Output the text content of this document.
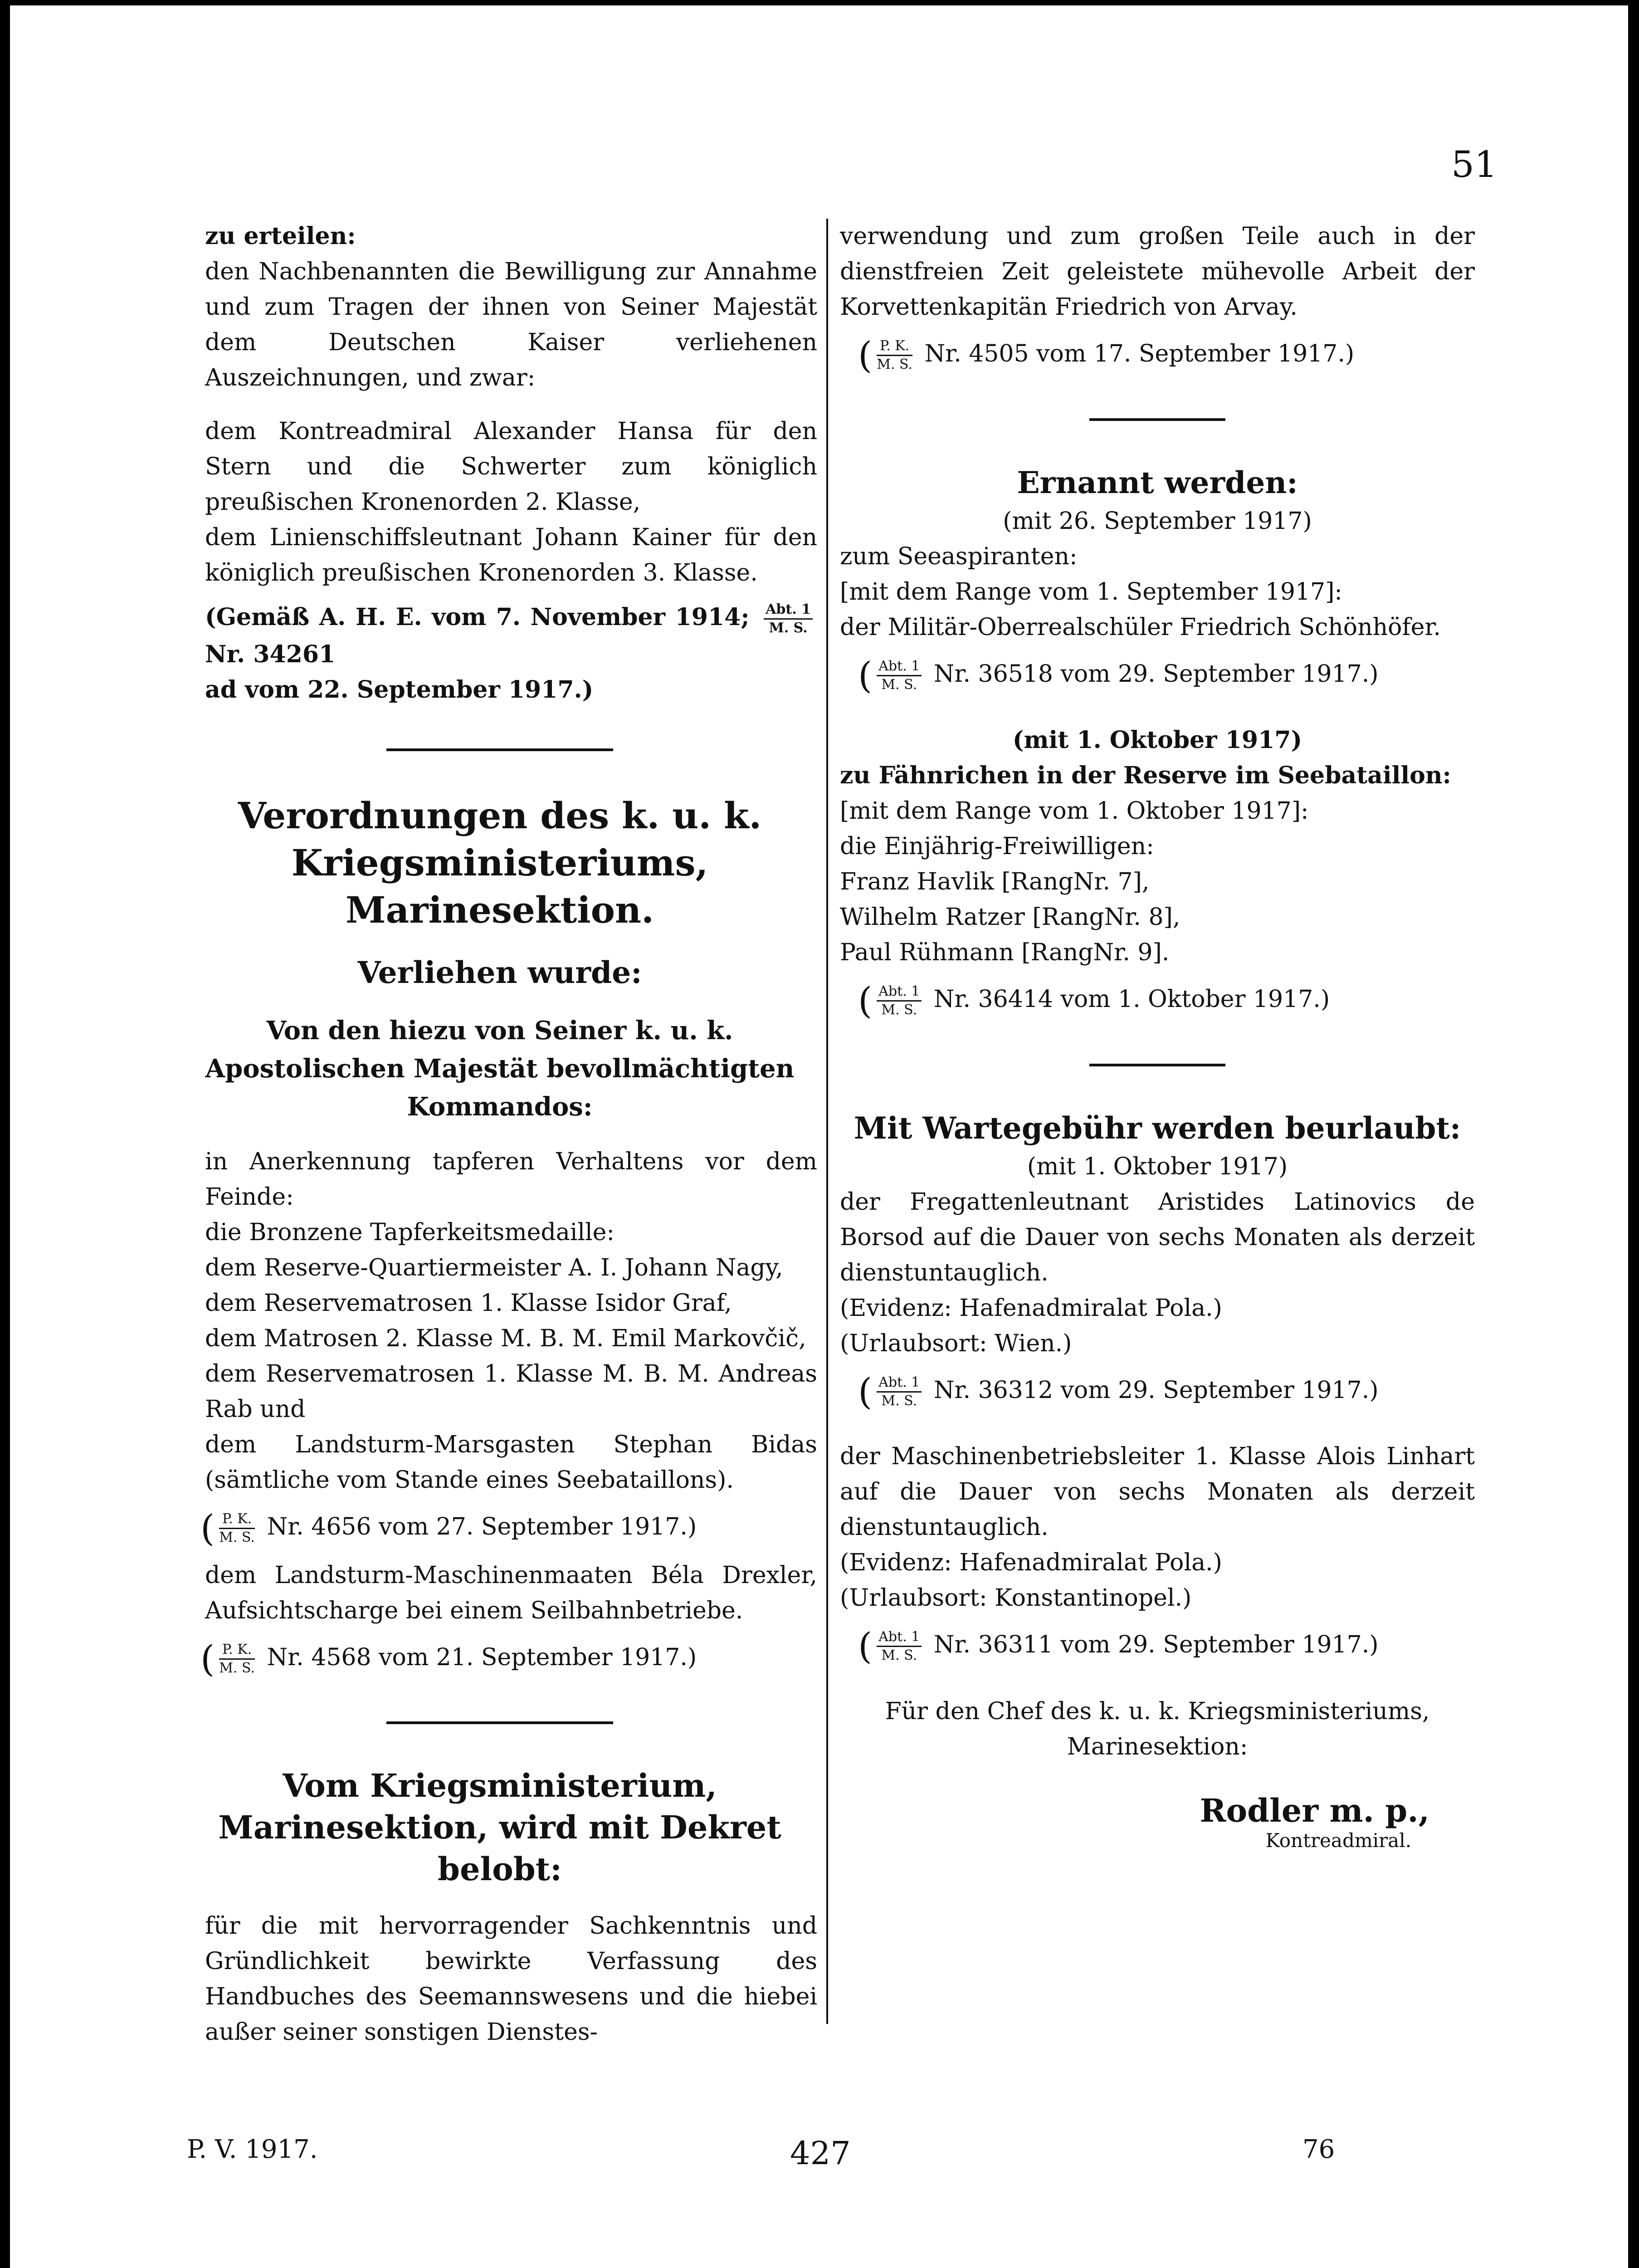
51

zu erteilen:

den Nachbenannten die Bewilligung zur Annahme und zum Tragen der ihnen von Seiner Majestät dem Deutschen Kaiser verliehenen Auszeichnungen, und zwar:

dem Kontreadmiral Alexander Hansa für den Stern und die Schwerter zum königlich preußischen Kronenorden 2. Klasse,

dem Linienschiffsleutnant Johann Kainer für den königlich preußischen Kronenorden 3. Klasse.

(Gemäß A. H. E. vom 7. November 1914; $\frac{\text{Abt. 1}}{M. S.}$
Nr. 34261

ad vom 22. September 1917.)

Verordnungen des k. u. k. Kriegsministeriums, Marinesektion.

Verliehen wurde:

Von den hiezu von Seiner k. u. k. Apostolischen Majestät bevollmächtigten Kommandos:

in Anerkennung tapferen Verhaltens vor dem Feinde:

die Bronzene Tapferkeitsmedaille:

dem Reserve-Quartiermeister A. I. Johann Nagy,

dem Reservematrosen 1. Klasse Isidor Graf,

dem Matrosen 2. Klasse M. B. M. Emil Markovčič,

dem Reservematrosen 1. Klasse M. B. M. Andreas Rab und

dem Landsturm-Marsgasten Stephan Bidas (sämtliche vom Stande eines Seebataillons).

( $\frac{P. K.}{M. S.} Nr$. 4656 vom 27. September 1917.)

dem Landsturm-Maschinenmaaten Béla Drexler, Aufsichtscharge bei einem Seilbahnbetriebe.

( $\frac{P. K.}{M. S.} Nr$. 4568 vom 21. September 1917.)

Vom Kriegsministerium, Marinesektion, wird mit Dekret belobt:

für die mit hervorragender Sachkenntnis und Gründlichkeit bewirkte Verfassung des Handbuches des Seemannswesens und die hiebei außer seiner sonstigen Dienstes-

verwendung und zum großen Teile auch in der dienstfreien Zeit geleistete mühevolle Arbeit der Korvettenkapitän Friedrich von Arvay.

( $\frac{P. K.}{M. S.} Nr$. 4505 vom 17. September 1917.)

Ernannt werden:

(mit 26. September 1917)

zum Seeaspiranten:

[mit dem Range vom 1. September 1917]:

der Militär-Oberrealschüler Friedrich Schönhöfer.

( $\frac{\text{Abt. 1}}{M. S.} Nr$. 36518 vom 29. September 1917.)

(mit 1. Oktober 1917)

zu Fähnrichen in der Reserve im Seebataillon:

[mit dem Range vom 1. Oktober 1917]:

die Einjährig-Freiwilligen:

Franz Havlik [RangNr. 7],

Wilhelm Ratzer [RangNr. 8],

Paul Rühmann [RangNr. 9].

( $\frac{\text{Abt. 1}}{M. S.} Nr$. 36414 vom 1. Oktober 1917.)

Mit Wartegebühr werden beurlaubt:

(mit 1. Oktober 1917)

der Fregattenleutnant Aristides Latinovics de Borsod auf die Dauer von sechs Monaten als derzeit dienstuntauglich.

(Evidenz: Hafenadmiralat Pola.)

(Urlaubsort: Wien.)

( $\frac{\text{Abt. 1}}{M. S.} Nr$. 36312 vom 29. September 1917.)

der Maschinenbetriebsleiter 1. Klasse Alois Linhart auf die Dauer von sechs Monaten als derzeit dienstuntauglich.

(Evidenz: Hafenadmiralat Pola.)

(Urlaubsort: Konstantinopel.)

( $\frac{\text{Abt. 1}}{M. S.} Nr$. 36311 vom 29. September 1917.)

Für den Chef des k. u. k. Kriegsministeriums, Marinesektion:

Rodler m. p.,

Kontreadmiral.

P. V. 1917.	427	76
